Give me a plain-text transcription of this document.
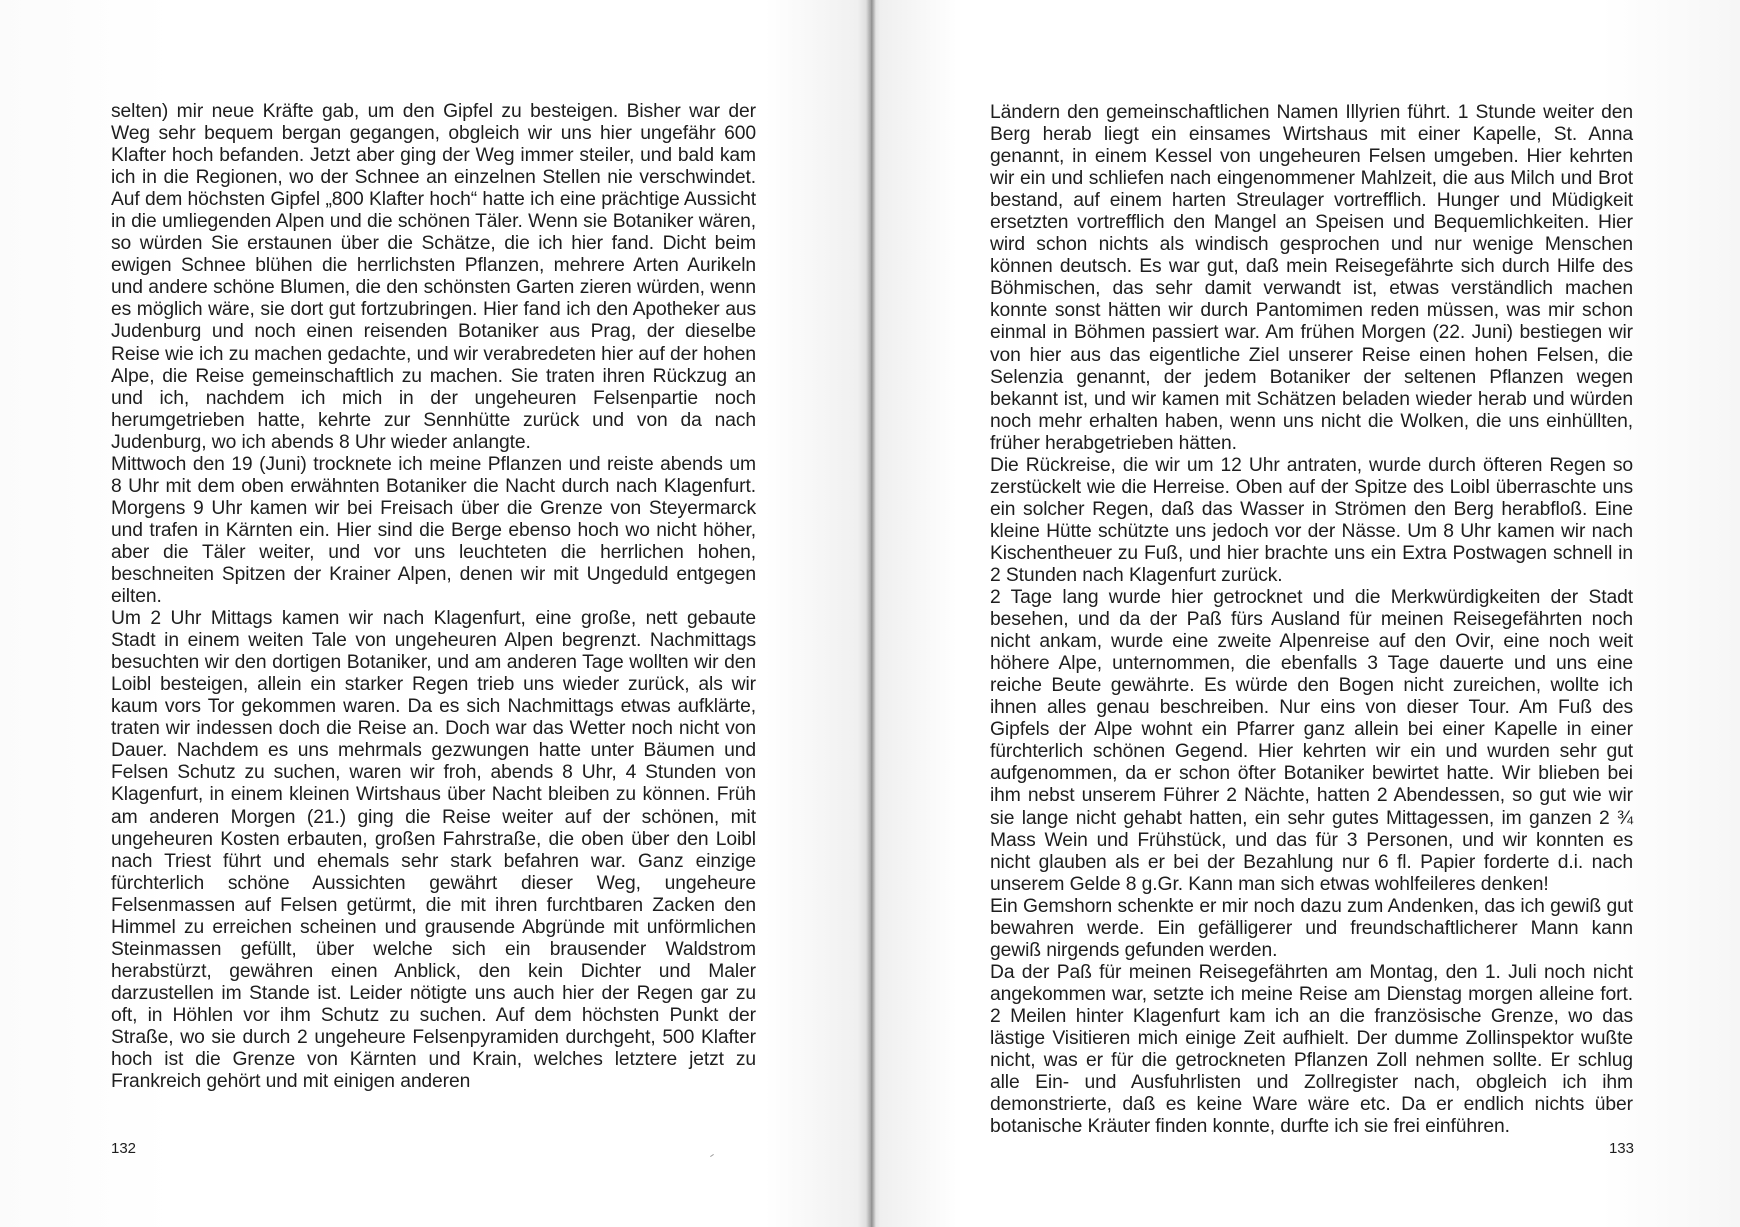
selten) mir neue Kräfte gab, um den Gipfel zu besteigen. Bisher war der Weg sehr bequem bergan gegangen, obgleich wir uns hier ungefähr 600 Klafter hoch befanden. Jetzt aber ging der Weg immer steiler, und bald kam ich in die Regionen, wo der Schnee an einzelnen Stellen nie verschwindet. Auf dem höchsten Gipfel „800 Klafter hoch“ hatte ich eine prächtige Aussicht in die umliegenden Alpen und die schönen Täler. Wenn sie Botaniker wären, so würden Sie erstaunen über die Schätze, die ich hier fand. Dicht beim ewigen Schnee blühen die herrlichsten Pflanzen, mehrere Arten Aurikeln und andere schöne Blumen, die den schönsten Garten zieren würden, wenn es möglich wäre, sie dort gut fortzubringen. Hier fand ich den Apotheker aus Judenburg und noch einen reisenden Botaniker aus Prag, der dieselbe Reise wie ich zu machen gedachte, und wir verabredeten hier auf der hohen Alpe, die Reise gemeinschaftlich zu machen. Sie traten ihren Rückzug an und ich, nachdem ich mich in der ungeheuren Felsenpartie noch herumgetrieben hatte, kehrte zur Sennhütte zurück und von da nach Judenburg, wo ich abends 8 Uhr wieder anlangte.

Mittwoch den 19 (Juni) trocknete ich meine Pflanzen und reiste abends um 8 Uhr mit dem oben erwähnten Botaniker die Nacht durch nach Klagenfurt. Morgens 9 Uhr kamen wir bei Freisach über die Grenze von Steyermarck und trafen in Kärnten ein. Hier sind die Berge ebenso hoch wo nicht höher, aber die Täler weiter, und vor uns leuchteten die herrlichen hohen, beschneiten Spitzen der Krainer Alpen, denen wir mit Ungeduld entgegen eilten.

Um 2 Uhr Mittags kamen wir nach Klagenfurt, eine große, nett gebaute Stadt in einem weiten Tale von ungeheuren Alpen begrenzt. Nachmittags besuchten wir den dortigen Botaniker, und am anderen Tage wollten wir den Loibl besteigen, allein ein starker Regen trieb uns wieder zurück, als wir kaum vors Tor gekommen waren. Da es sich Nachmittags etwas aufklärte, traten wir indessen doch die Reise an. Doch war das Wetter noch nicht von Dauer. Nachdem es uns mehrmals gezwungen hatte unter Bäumen und Felsen Schutz zu suchen, waren wir froh, abends 8 Uhr, 4 Stunden von Klagenfurt, in einem kleinen Wirtshaus über Nacht bleiben zu können. Früh am anderen Morgen (21.) ging die Reise weiter auf der schönen, mit ungeheuren Kosten erbauten, großen Fahrstraße, die oben über den Loibl nach Triest führt und ehemals sehr stark befahren war. Ganz einzige fürchterlich schöne Aussichten gewährt dieser Weg, ungeheure Felsenmassen auf Felsen getürmt, die mit ihren furchtbaren Zacken den Himmel zu erreichen scheinen und grausende Abgründe mit unförmlichen Steinmassen gefüllt, über welche sich ein brausender Waldstrom herabstürzt, gewähren einen Anblick, den kein Dichter und Maler darzustellen im Stande ist. Leider nötigte uns auch hier der Regen gar zu oft, in Höhlen vor ihm Schutz zu suchen. Auf dem höchsten Punkt der Straße, wo sie durch 2 ungeheure Felsenpyramiden durchgeht, 500 Klafter hoch ist die Grenze von Kärnten und Krain, welches letztere jetzt zu Frankreich gehört und mit einigen anderen

132

Ländern den gemeinschaftlichen Namen Illyrien führt. 1 Stunde weiter den Berg herab liegt ein einsames Wirtshaus mit einer Kapelle, St. Anna genannt, in einem Kessel von ungeheuren Felsen umgeben. Hier kehrten wir ein und schliefen nach eingenommener Mahlzeit, die aus Milch und Brot bestand, auf einem harten Streulager vortrefflich. Hunger und Müdigkeit ersetzten vortrefflich den Mangel an Speisen und Bequemlichkeiten. Hier wird schon nichts als windisch gesprochen und nur wenige Menschen können deutsch. Es war gut, daß mein Reisegefährte sich durch Hilfe des Böhmischen, das sehr damit verwandt ist, etwas verständlich machen konnte sonst hätten wir durch Pantomimen reden müssen, was mir schon einmal in Böhmen passiert war. Am frühen Morgen (22. Juni) bestiegen wir von hier aus das eigentliche Ziel unserer Reise einen hohen Felsen, die Selenzia genannt, der jedem Botaniker der seltenen Pflanzen wegen bekannt ist, und wir kamen mit Schätzen beladen wieder herab und würden noch mehr erhalten haben, wenn uns nicht die Wolken, die uns einhüllten, früher herabgetrieben hätten.

Die Rückreise, die wir um 12 Uhr antraten, wurde durch öfteren Regen so zerstückelt wie die Herreise. Oben auf der Spitze des Loibl überraschte uns ein solcher Regen, daß das Wasser in Strömen den Berg herabfloß. Eine kleine Hütte schützte uns jedoch vor der Nässe. Um 8 Uhr kamen wir nach Kischentheuer zu Fuß, und hier brachte uns ein Extra Postwagen schnell in 2 Stunden nach Klagenfurt zurück.

2 Tage lang wurde hier getrocknet und die Merkwürdigkeiten der Stadt besehen, und da der Paß fürs Ausland für meinen Reisegefährten noch nicht ankam, wurde eine zweite Alpenreise auf den Ovir, eine noch weit höhere Alpe, unternommen, die ebenfalls 3 Tage dauerte und uns eine reiche Beute gewährte. Es würde den Bogen nicht zureichen, wollte ich ihnen alles genau beschreiben. Nur eins von dieser Tour. Am Fuß des Gipfels der Alpe wohnt ein Pfarrer ganz allein bei einer Kapelle in einer fürchterlich schönen Gegend. Hier kehrten wir ein und wurden sehr gut aufgenommen, da er schon öfter Botaniker bewirtet hatte. Wir blieben bei ihm nebst unserem Führer 2 Nächte, hatten 2 Abendessen, so gut wie wir sie lange nicht gehabt hatten, ein sehr gutes Mittagessen, im ganzen 2 ¾ Mass Wein und Frühstück, und das für 3 Personen, und wir konnten es nicht glauben als er bei der Bezahlung nur 6 fl. Papier forderte d.i. nach unserem Gelde 8 g.Gr. Kann man sich etwas wohlfeileres denken!

Ein Gemshorn schenkte er mir noch dazu zum Andenken, das ich gewiß gut bewahren werde. Ein gefälligerer und freundschaftlicherer Mann kann gewiß nirgends gefunden werden.

Da der Paß für meinen Reisegefährten am Montag, den 1. Juli noch nicht angekommen war, setzte ich meine Reise am Dienstag morgen alleine fort. 2 Meilen hinter Klagenfurt kam ich an die französische Grenze, wo das lästige Visitieren mich einige Zeit aufhielt. Der dumme Zollinspektor wußte nicht, was er für die getrockneten Pflanzen Zoll nehmen sollte. Er schlug alle Ein- und Ausfuhrlisten und Zollregister nach, obgleich ich ihm demonstrierte, daß es keine Ware wäre etc. Da er endlich nichts über botanische Kräuter finden konnte, durfte ich sie frei einführen.

133
